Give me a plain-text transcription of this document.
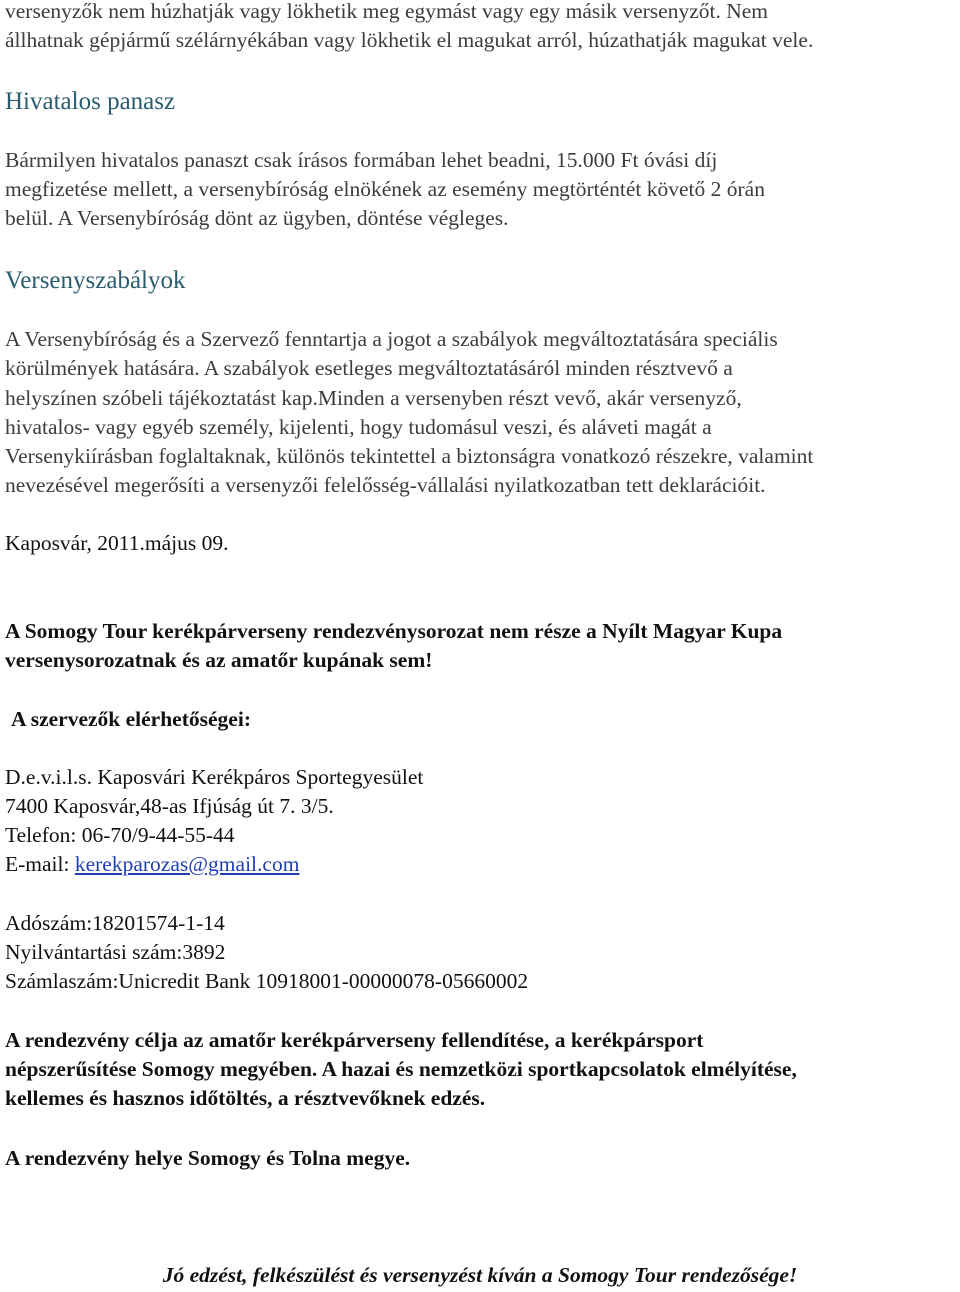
versenyzők nem húzhatják vagy lökhetik meg egymást vagy egy másik versenyzőt. Nem
állhatnak gépjármű szélárnyékában vagy lökhetik el magukat arról, húzathatják magukat vele.
Hivatalos panasz
Bármilyen hivatalos panaszt csak írásos formában lehet beadni, 15.000 Ft óvási díj
megfizetése mellett, a versenybíróság elnökének az esemény megtörténtét követő 2 órán
belül. A Versenybíróság dönt az ügyben, döntése végleges.
Versenyszabályok
A Versenybíróság és a Szervező fenntartja a jogot a szabályok megváltoztatására speciális
körülmények hatására. A szabályok esetleges megváltoztatásáról minden résztvevő a
helyszínen szóbeli tájékoztatást kap.Minden a versenyben részt vevő, akár versenyző,
hivatalos- vagy egyéb személy, kijelenti, hogy tudomásul veszi, és aláveti magát a
Versenykiírásban foglaltaknak, különös tekintettel a biztonságra vonatkozó részekre, valamint
nevezésével megerősíti a versenyzői felelősség-vállalási nyilatkozatban tett deklarációit.
Kaposvár, 2011.május 09.
A Somogy Tour kerékpárverseny rendezvénysorozat nem része a Nyílt Magyar Kupa
versenysorozatnak és az amatőr kupának sem!
A szervezők elérhetőségei:
D.e.v.i.l.s. Kaposvári Kerékpáros Sportegyesület
7400 Kaposvár,48-as Ifjúság út 7. 3/5.
Telefon: 06-70/9-44-55-44
E-mail: kerekparozas@gmail.com
Adószám:18201574-1-14
Nyilvántartási szám:3892
Számlaszám:Unicredit Bank 10918001-00000078-05660002
A rendezvény célja az amatőr kerékpárverseny fellendítése, a kerékpársport
népszerűsítése Somogy megyében. A hazai és nemzetközi sportkapcsolatok elmélyítése,
kellemes és hasznos időtöltés, a résztvevőknek edzés.
A rendezvény helye Somogy és Tolna megye.
Jó edzést, felkészülést és versenyzést kíván a Somogy Tour rendezősége!
